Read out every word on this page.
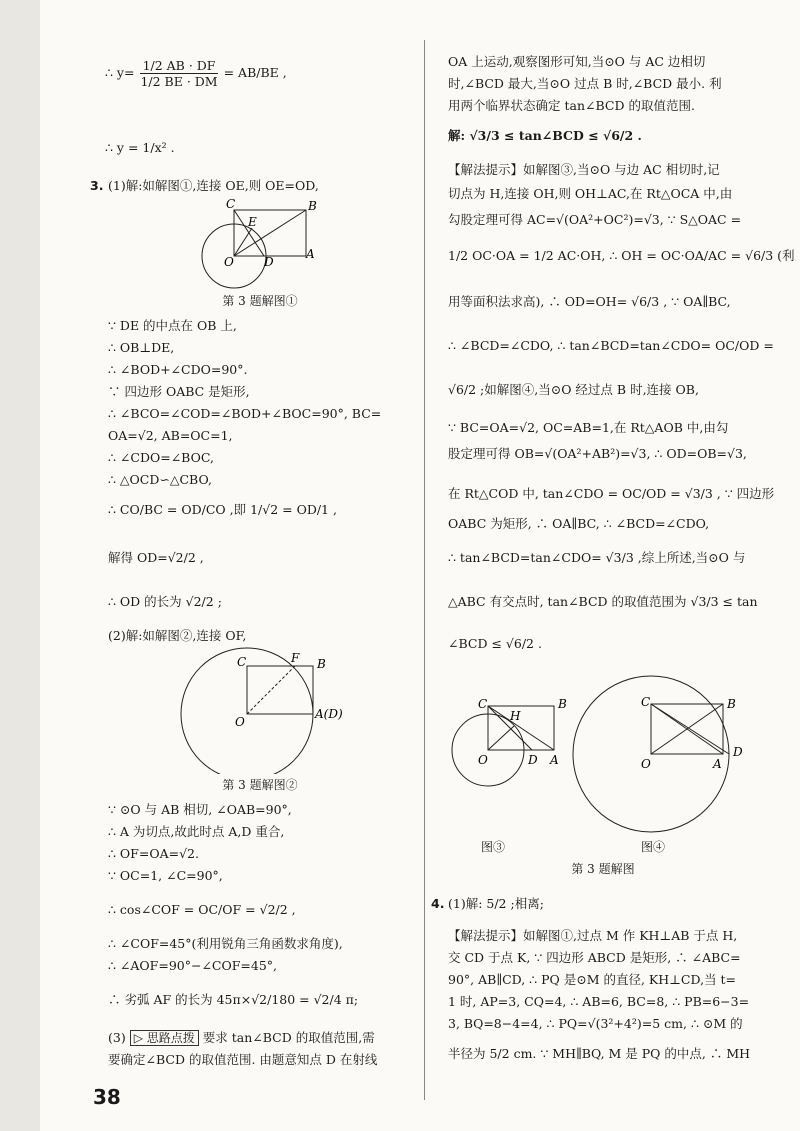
∴ $y= \frac{1/2 AB \cdot DF}{1/2 BE \cdot DM} = AB/BE$ ,
∴ y = 1/x² .
3. (1)解:如解图①,连接 OE,则 OE=OD,
C	B
E
O	D
A
第 3 题解图①
∵ DE 的中点在 OB 上,
∴ OB⊥DE,
∴ ∠BOD+∠CDO=90°.
∵ 四边形 OABC 是矩形,
∴ ∠BCO=∠COD=∠BOD+∠BOC=90°, BC=
OA=√2, AB=OC=1,
∴ ∠CDO=∠BOC,
∴ △OCD∽△CBO,
∴ CO/BC = OD/CO ,即 1/√2 = OD/1 ,
解得 OD=√2/2 ,
∴ OD 的长为 √2/2 ;
(2)解:如解图②,连接 OF,
C	F B
O
A(D)
第 3 题解图②
∵ ⊙O 与 AB 相切, ∠OAB=90°,
∴ A 为切点,故此时点 A,D 重合,
∴ OF=OA=√2.
∵ OC=1, ∠C=90°,
∴ cos∠COF = OC/OF = √2/2 ,
∴ ∠COF=45°(利用锐角三角函数求角度),
∴ ∠AOF=90°−∠COF=45°,
∴ 劣弧 AF 的长为 45π×√2/180 = √2/4 π;
(3) ▷ 思路点拨 要求 tan∠BCD 的取值范围,需
要确定∠BCD 的取值范围. 由题意知点 D 在射线
38
OA 上运动,观察图形可知,当⊙O 与 AC 边相切
时,∠BCD 最大,当⊙O 过点 B 时,∠BCD 最小. 利
用两个临界状态确定 tan∠BCD 的取值范围.
解: √3/3 ≤ tan∠BCD ≤ √6/2 .
【解法提示】如解图③,当⊙O 与边 AC 相切时,记
切点为 H,连接 OH,则 OH⊥AC,在 Rt△OCA 中,由
勾股定理可得 AC=√(OA²+OC²)=√3, ∵ S△OAC =
1/2 OC·OA = 1/2 AC·OH, ∴ OH = OC·OA/AC = √6/3 (利
用等面积法求高), ∴ OD=OH= √6/3 , ∵ OA∥BC,
∴ ∠BCD=∠CDO, ∴ tan∠BCD=tan∠CDO= OC/OD =
√6/2 ;如解图④,当⊙O 经过点 B 时,连接 OB,
∵ BC=OA=√2, OC=AB=1,在 Rt△AOB 中,由勾
股定理可得 OB=√(OA²+AB²)=√3, ∴ OD=OB=√3,
在 Rt△COD 中, tan∠CDO = OC/OD = √3/3 , ∵ 四边形
OABC 为矩形, ∴ OA∥BC, ∴ ∠BCD=∠CDO,
∴ tan∠BCD=tan∠CDO= √3/3 ,综上所述,当⊙O 与
△ABC 有交点时, tan∠BCD 的取值范围为 √3/3 ≤ tan
∠BCD ≤ √6/2 .
C
H
B
O	D A
图③
C	B
O	A
D
图④
第 3 题解图
4. (1)解: 5/2 ;相离;
【解法提示】如解图①,过点 M 作 KH⊥AB 于点 H,
交 CD 于点 K, ∵ 四边形 ABCD 是矩形, ∴ ∠ABC=
90°, AB∥CD, ∴ PQ 是⊙M 的直径, KH⊥CD,当 t=
1 时, AP=3, CQ=4, ∴ AB=6, BC=8, ∴ PB=6−3=
3, BQ=8−4=4, ∴ PQ=√(3²+4²)=5 cm, ∴ ⊙M 的
半径为 5/2 cm. ∵ MH∥BQ, M 是 PQ 的中点, ∴ MH
